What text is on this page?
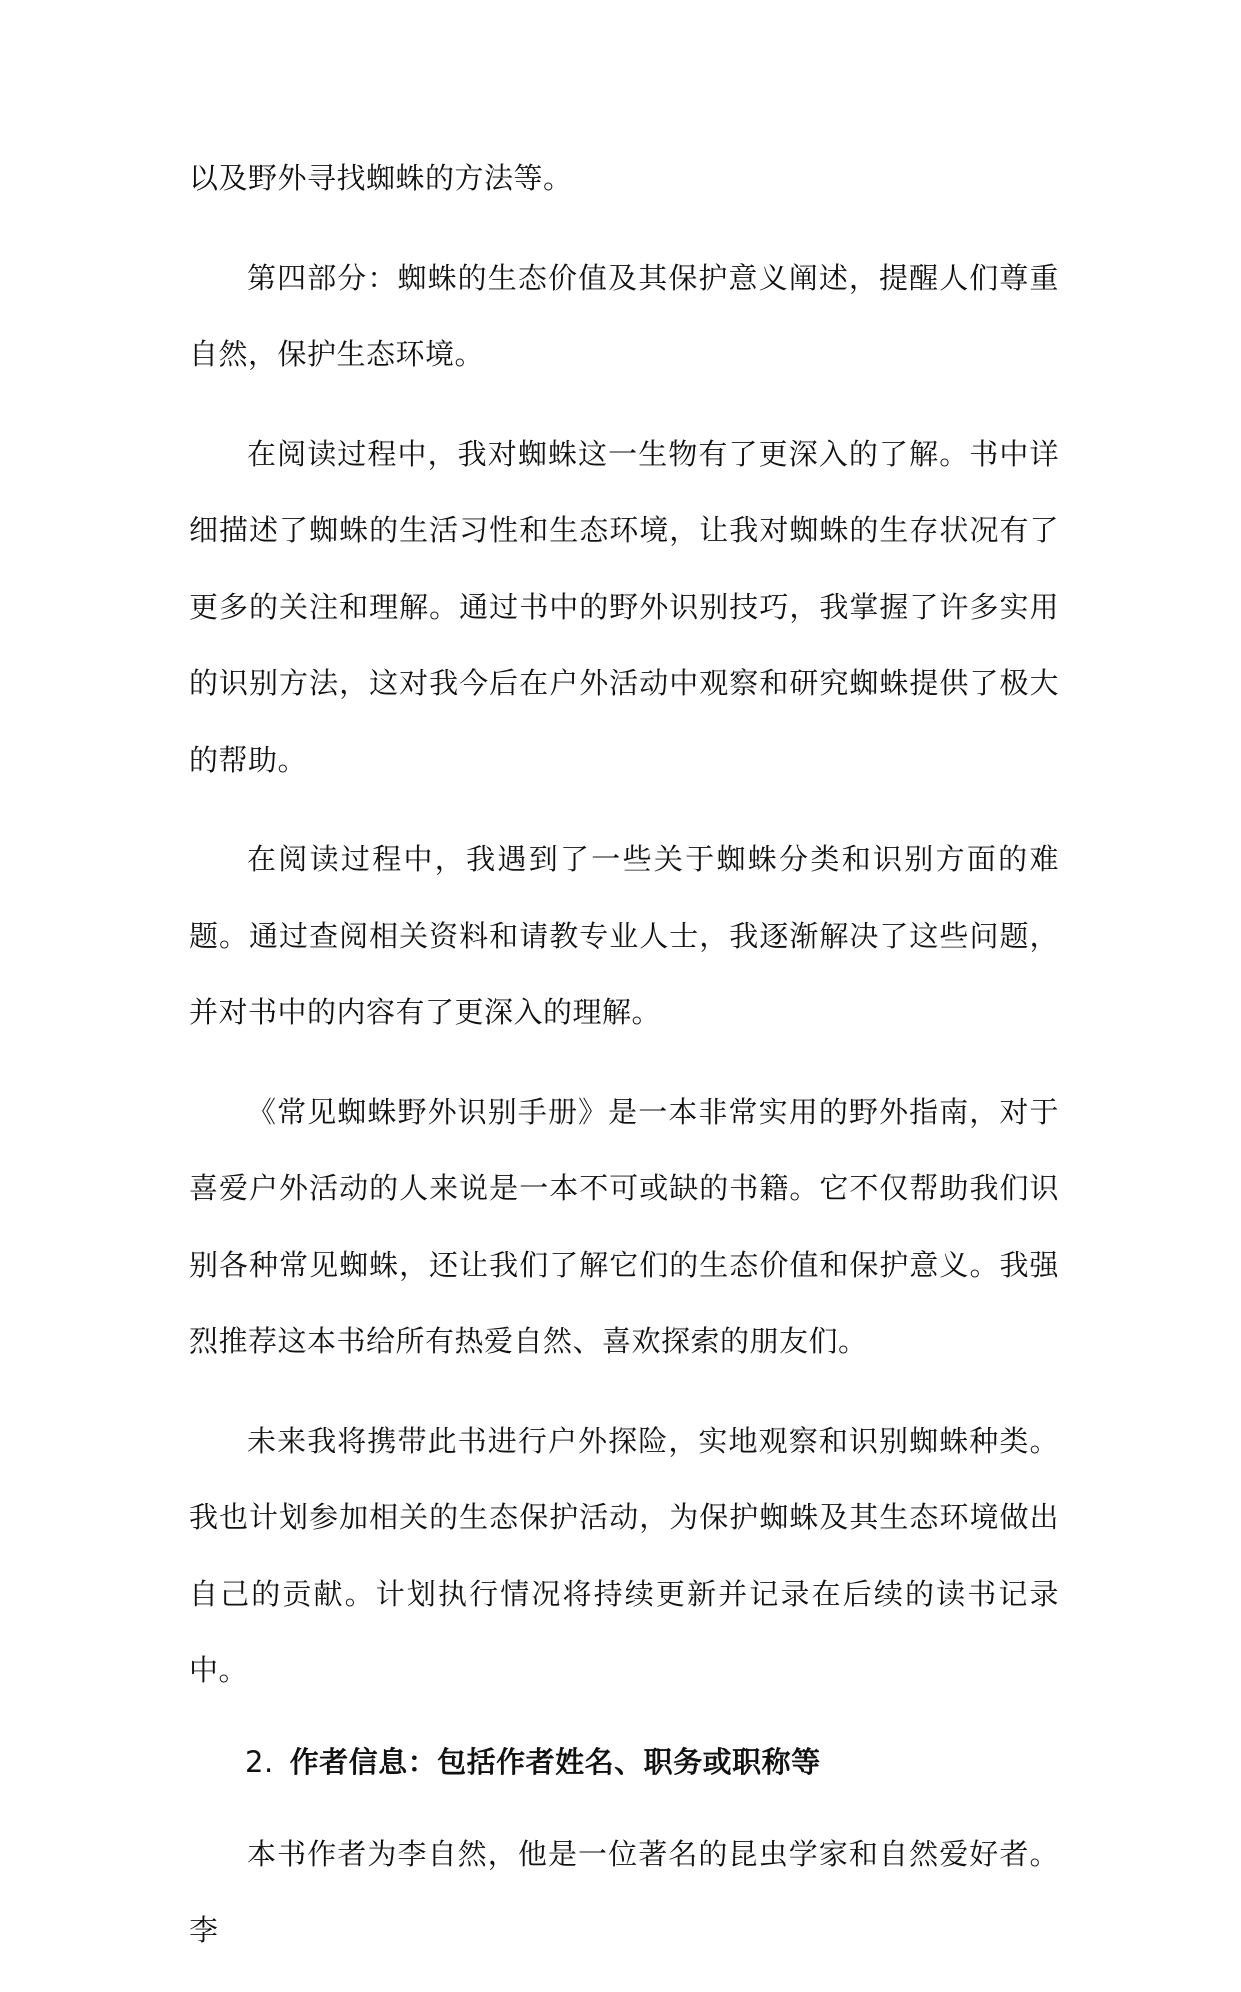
以及野外寻找蜘蛛的方法等。

第四部分：蜘蛛的生态价值及其保护意义阐述，提醒人们尊重自然，保护生态环境。

在阅读过程中，我对蜘蛛这一生物有了更深入的了解。书中详细描述了蜘蛛的生活习性和生态环境，让我对蜘蛛的生存状况有了更多的关注和理解。通过书中的野外识别技巧，我掌握了许多实用的识别方法，这对我今后在户外活动中观察和研究蜘蛛提供了极大的帮助。

在阅读过程中，我遇到了一些关于蜘蛛分类和识别方面的难题。通过查阅相关资料和请教专业人士，我逐渐解决了这些问题，并对书中的内容有了更深入的理解。

《常见蜘蛛野外识别手册》是一本非常实用的野外指南，对于喜爱户外活动的人来说是一本不可或缺的书籍。它不仅帮助我们识别各种常见蜘蛛，还让我们了解它们的生态价值和保护意义。我强烈推荐这本书给所有热爱自然、喜欢探索的朋友们。

未来我将携带此书进行户外探险，实地观察和识别蜘蛛种类。我也计划参加相关的生态保护活动，为保护蜘蛛及其生态环境做出自己的贡献。计划执行情况将持续更新并记录在后续的读书记录中。

2. 作者信息：包括作者姓名、职务或职称等

本书作者为李自然，他是一位著名的昆虫学家和自然爱好者。李
